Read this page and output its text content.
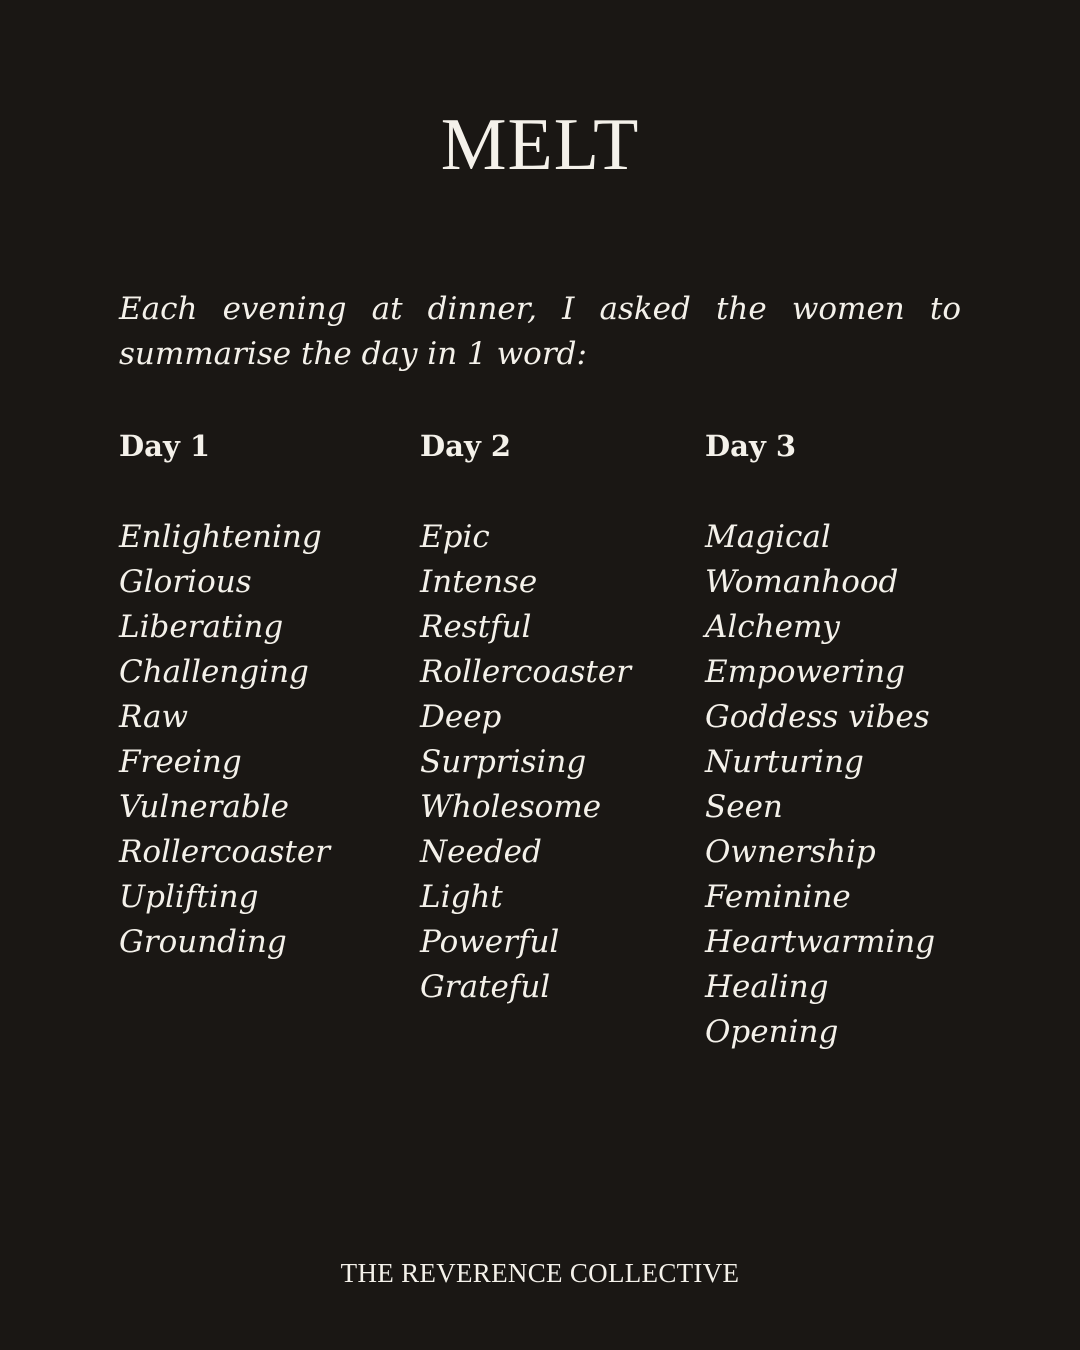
MELT

Each evening at dinner, I asked the women to summarise the day in 1 word:

Day 1
Enlightening
Glorious
Liberating
Challenging
Raw
Freeing
Vulnerable
Rollercoaster
Uplifting
Grounding
Day 2
Epic
Intense
Restful
Rollercoaster
Deep
Surprising
Wholesome
Needed
Light
Powerful
Grateful
Day 3
Magical
Womanhood
Alchemy
Empowering
Goddess vibes
Nurturing
Seen
Ownership
Feminine
Heartwarming
Healing
Opening
THE REVERENCE COLLECTIVE
